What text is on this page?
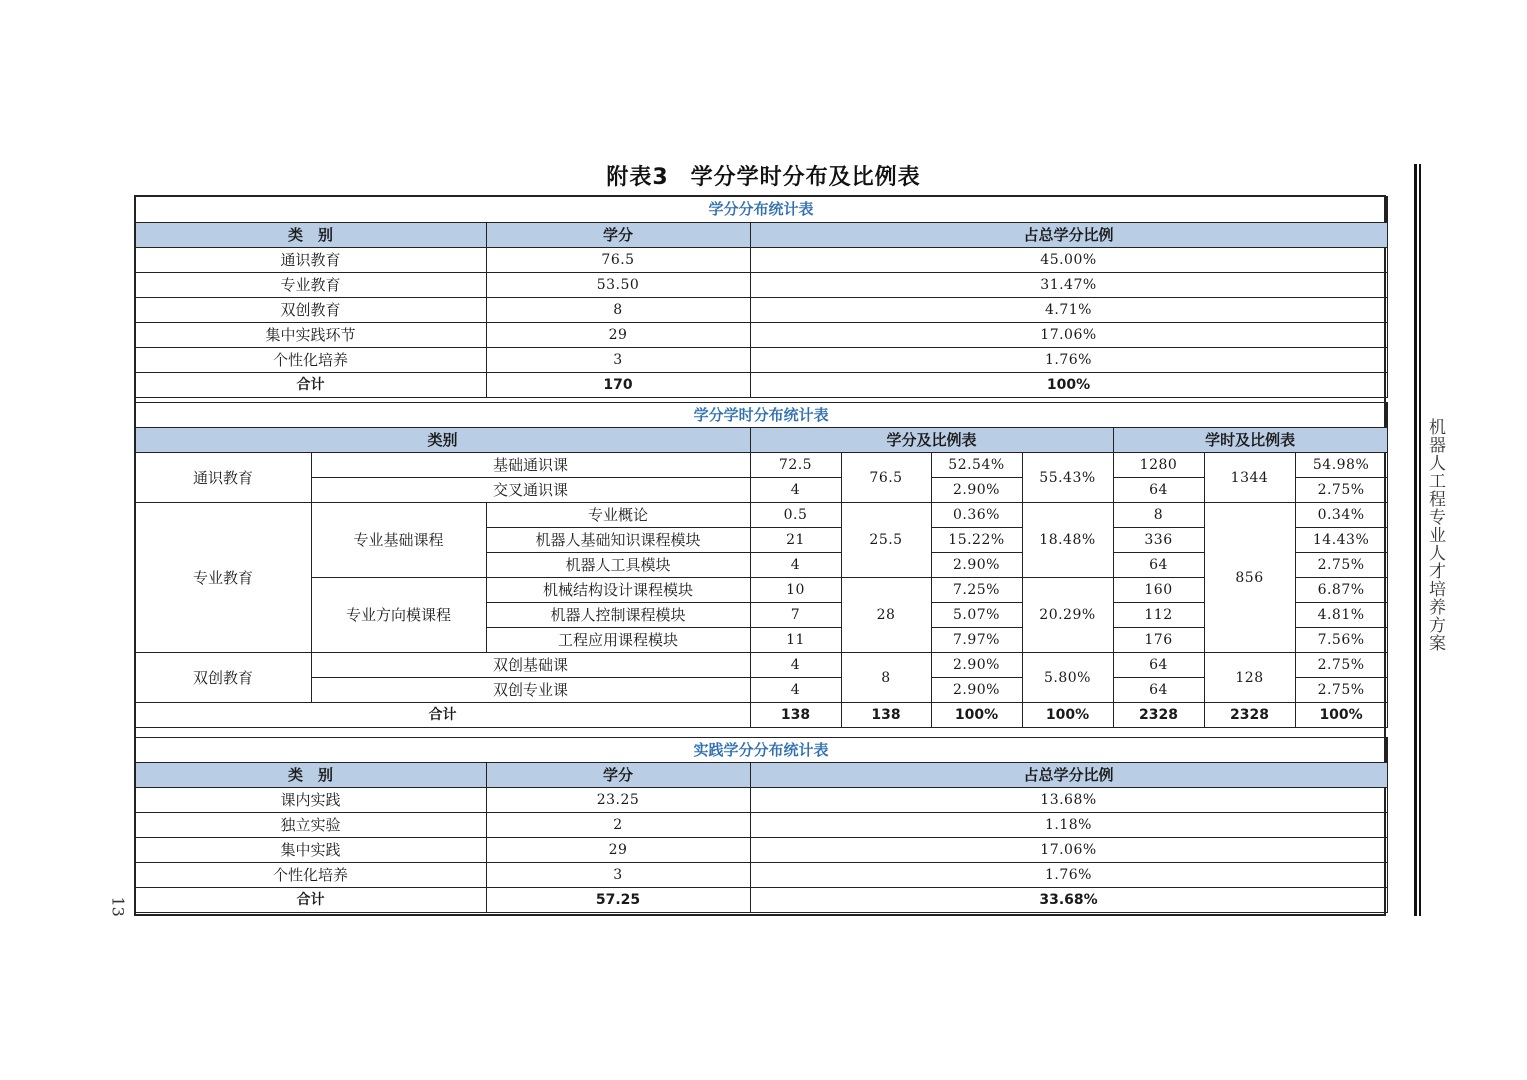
附表3 学分学时分布及比例表
学分分布统计表		
类　别	学分	占总学分比例
通识教育	76.5	45.00%
专业教育	53.50	31.47%
双创教育	8	4.71%
集中实践环节	29	17.06%
个性化培养	3	1.76%
合计	170	100%
学分学时分布统计表									
类别			学分及比例表				学时及比例表		
通识教育	基础通识课		72.5	76.5	52.54%	55.43%	1280	1344	54.98%
	交叉通识课		4		2.90%		64		2.75%
专业教育	专业基础课程	专业概论	0.5	25.5	0.36%	18.48%	8	856	0.34%
		机器人基础知识课程模块	21		15.22%		336		14.43%
		机器人工具模块	4		2.90%		64		2.75%
	专业方向模课程	机械结构设计课程模块	10	28	7.25%	20.29%	160		6.87%
		机器人控制课程模块	7		5.07%		112		4.81%
		工程应用课程模块	11		7.97%		176		7.56%
双创教育	双创基础课		4	8	2.90%	5.80%	64	128	2.75%
	双创专业课		4		2.90%		64		2.75%
合计			138	138	100%	100%	2328	2328	100%
实践学分分布统计表		
类　别	学分	占总学分比例
课内实践	23.25	13.68%
独立实验	2	1.18%
集中实践	29	17.06%
个性化培养	3	1.76%
合计	57.25	33.68%
机器人工程专业人才培养方案
13
